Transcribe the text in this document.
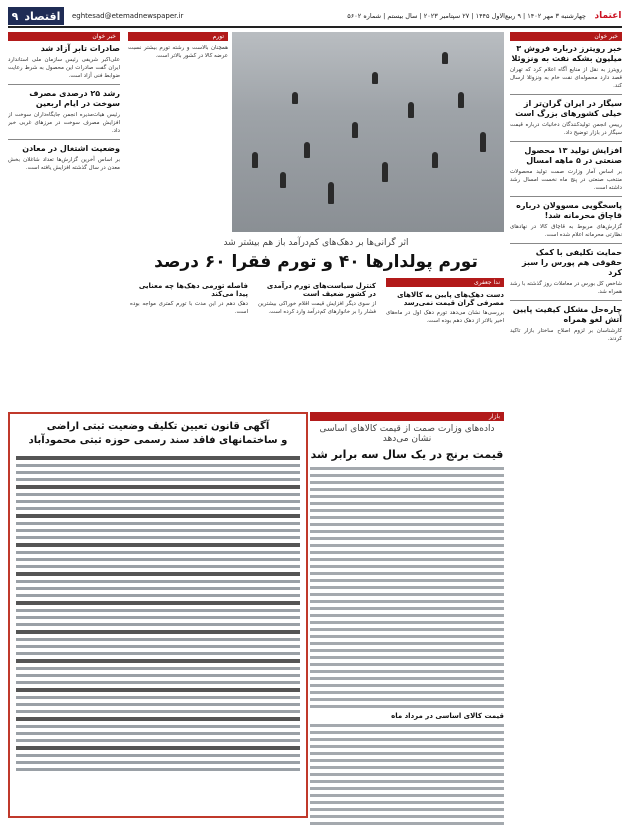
۹ اقتصاد eghtesad@etemadnewspaper.ir	چهارشنبه ۳ مهر ۱۴۰۲ | ۹ ربیع‌الاول ۱۴۴۵ | ۲۷ سپتامبر ۲۰۲۳ | سال بیستم | شماره ۵۶۰۲ اعتماد
خبر خوان
صادرات تابر آزاد شد
علی‌اکبر شریفی رئیس سازمان ملی استاندارد ایران گفت صادرات این محصول به شرط رعایت ضوابط فنی آزاد است.
رشد ۲۵ درصدی مصرف سوخت در ایام اربعین
رئیس هیات‌مدیره انجمن جایگاه‌داران سوخت از افزایش مصرف سوخت در مرزهای غربی خبر داد.
وضعیت اشتغال در معادن
بر اساس آخرین گزارش‌ها تعداد شاغلان بخش معدن در سال گذشته افزایش یافته است.
تورم
همچنان بالاست و رشته تورم بیشتر نسبت عرضه کالا در کشور بالاتر است.
اثر گرانی‌ها بر دهک‌های کم‌درآمد باز هم بیشتر شد
تورم پولدارها ۴۰ و تورم فقرا ۶۰ درصد
ندا جعفری
دست دهک‌های پایین به کالاهای مصرفی گران قیمت نمی‌رسد
بررسی‌ها نشان می‌دهد تورم دهک اول در ماه‌های اخیر بالاتر از دهک دهم بوده است.
کنترل سیاست‌های تورم درآمدی در کشور ضعیف است
از سوی دیگر افزایش قیمت اقلام خوراکی بیشترین فشار را بر خانوارهای کم‌درآمد وارد کرده است.
فاصله تورمی دهک‌ها چه معنایی پیدا می‌کند
دهک دهم در این مدت با تورم کمتری مواجه بوده است.
آگهی قانون تعیین تکلیف وضعیت ثبتی اراضی
و ساختمانهای فاقد سند رسمی حوزه ثبتی محمودآباد
بازار
داده‌های وزارت صمت از قیمت کالاهای اساسی نشان می‌دهد
قیمت برنج در یک سال سه برابر شد
قیمت کالای اساسی در مرداد ماه
خبر خوان
خبر رویترز درباره فروش ۳ میلیون بشکه نفت به ونزوئلا
رویترز به نقل از منابع آگاه اعلام کرد که تهران قصد دارد محموله‌ای نفت خام به ونزوئلا ارسال کند.
سیگار در ایران گران‌تر از خیلی کشورهای بزرگ است
رییس انجمن تولیدکنندگان دخانیات درباره قیمت سیگار در بازار توضیح داد.
افزایش تولید ۱۳ محصول صنعتی در ۵ ماهه امسال
بر اساس آمار وزارت صمت تولید محصولات منتخب صنعتی در پنج ماه نخست امسال رشد داشته است.
پاسخگویی مسوولان درباره قاچاق محرمانه شد!
گزارش‌های مربوط به قاچاق کالا در نهادهای نظارتی محرمانه اعلام شده است.
حمایت تکلیفی با کمک حقوقی هم پورس را سبز کرد
شاخص کل بورس در معاملات روز گذشته با رشد همراه شد.
چاره‌حل مشکل کیفیت پایین آتش لغو همراه
کارشناسان بر لزوم اصلاح ساختار بازار تاکید کردند.
